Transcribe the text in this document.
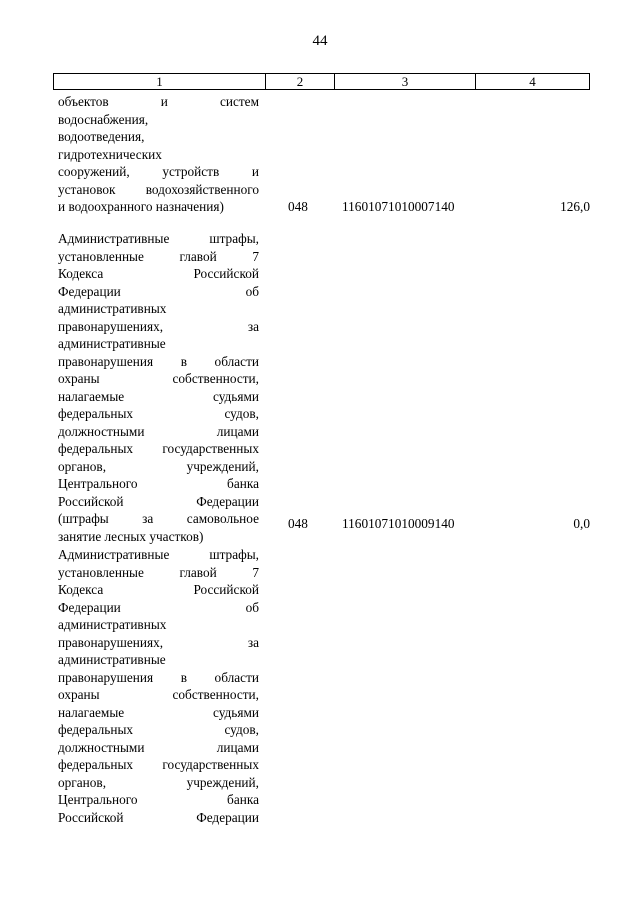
44
1	2	3	4
объектов и систем
водоснабжения,
водоотведения,
гидротехнических
сооружений, устройств и
установок водохозяйственного
и водоохранного назначения)	048	11601071010007140	126,0
Административные штрафы,
установленные главой 7
Кодекса Российской
Федерации об
административных
правонарушениях, за
административные
правонарушения в области
охраны собственности,
налагаемые судьями
федеральных судов,
должностными лицами
федеральных государственных
органов, учреждений,
Центрального банка
Российской Федерации
(штрафы за самовольное
занятие лесных участков)
048	11601071010009140	0,0
Административные штрафы,
установленные главой 7
Кодекса Российской
Федерации об
административных
правонарушениях, за
административные
правонарушения в области
охраны собственности,
налагаемые судьями
федеральных судов,
должностными лицами
федеральных государственных
органов, учреждений,
Центрального банка
Российской Федерации
